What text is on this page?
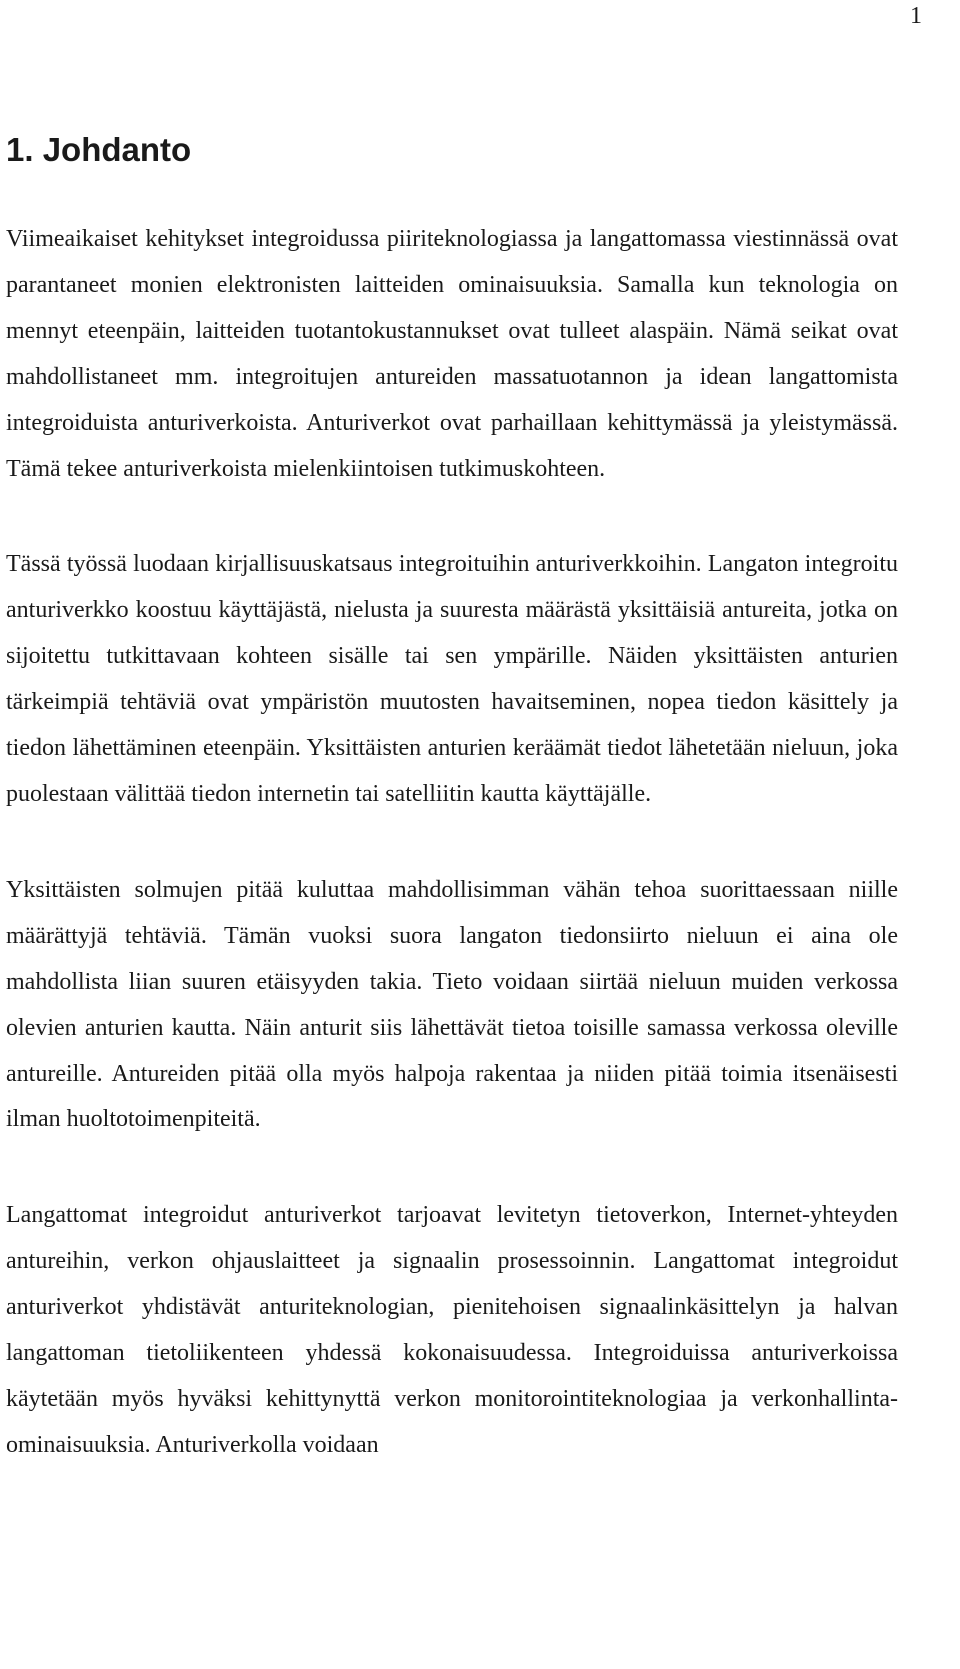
1
1. Johdanto

Viimeaikaiset kehitykset integroidussa piiriteknologiassa ja langattomassa viestinnässä ovat parantaneet monien elektronisten laitteiden ominaisuuksia. Samalla kun teknologia on mennyt eteenpäin, laitteiden tuotantokustannukset ovat tulleet alaspäin. Nämä seikat ovat mahdollistaneet mm. integroitujen antureiden massatuotannon ja idean langattomista integroiduista anturiverkoista. Anturiverkot ovat parhaillaan kehittymässä ja yleistymässä. Tämä tekee anturiverkoista mielenkiintoisen tutkimuskohteen.

Tässä työssä luodaan kirjallisuuskatsaus integroituihin anturiverkkoihin. Langaton integroitu anturiverkko koostuu käyttäjästä, nielusta ja suuresta määrästä yksittäisiä antureita, jotka on sijoitettu tutkittavaan kohteen sisälle tai sen ympärille. Näiden yksittäisten anturien tärkeimpiä tehtäviä ovat ympäristön muutosten havaitseminen, nopea tiedon käsittely ja tiedon lähettäminen eteenpäin. Yksittäisten anturien keräämät tiedot lähetetään nieluun, joka puolestaan välittää tiedon internetin tai satelliitin kautta käyttäjälle.

Yksittäisten solmujen pitää kuluttaa mahdollisimman vähän tehoa suorittaessaan niille määrättyjä tehtäviä. Tämän vuoksi suora langaton tiedonsiirto nieluun ei aina ole mahdollista liian suuren etäisyyden takia. Tieto voidaan siirtää nieluun muiden verkossa olevien anturien kautta. Näin anturit siis lähettävät tietoa toisille samassa verkossa oleville antureille. Antureiden pitää olla myös halpoja rakentaa ja niiden pitää toimia itsenäisesti ilman huoltotoimenpiteitä.

Langattomat integroidut anturiverkot tarjoavat levitetyn tietoverkon, Internet-yhteyden antureihin, verkon ohjauslaitteet ja signaalin prosessoinnin. Langattomat integroidut anturiverkot yhdistävät anturiteknologian, pienitehoisen signaalinkäsittelyn ja halvan langattoman tietoliikenteen yhdessä kokonaisuudessa. Integroiduissa anturiverkoissa käytetään myös hyväksi kehittynyttä verkon monitorointiteknologiaa ja verkonhallinta-ominaisuuksia. Anturiverkolla voidaan
